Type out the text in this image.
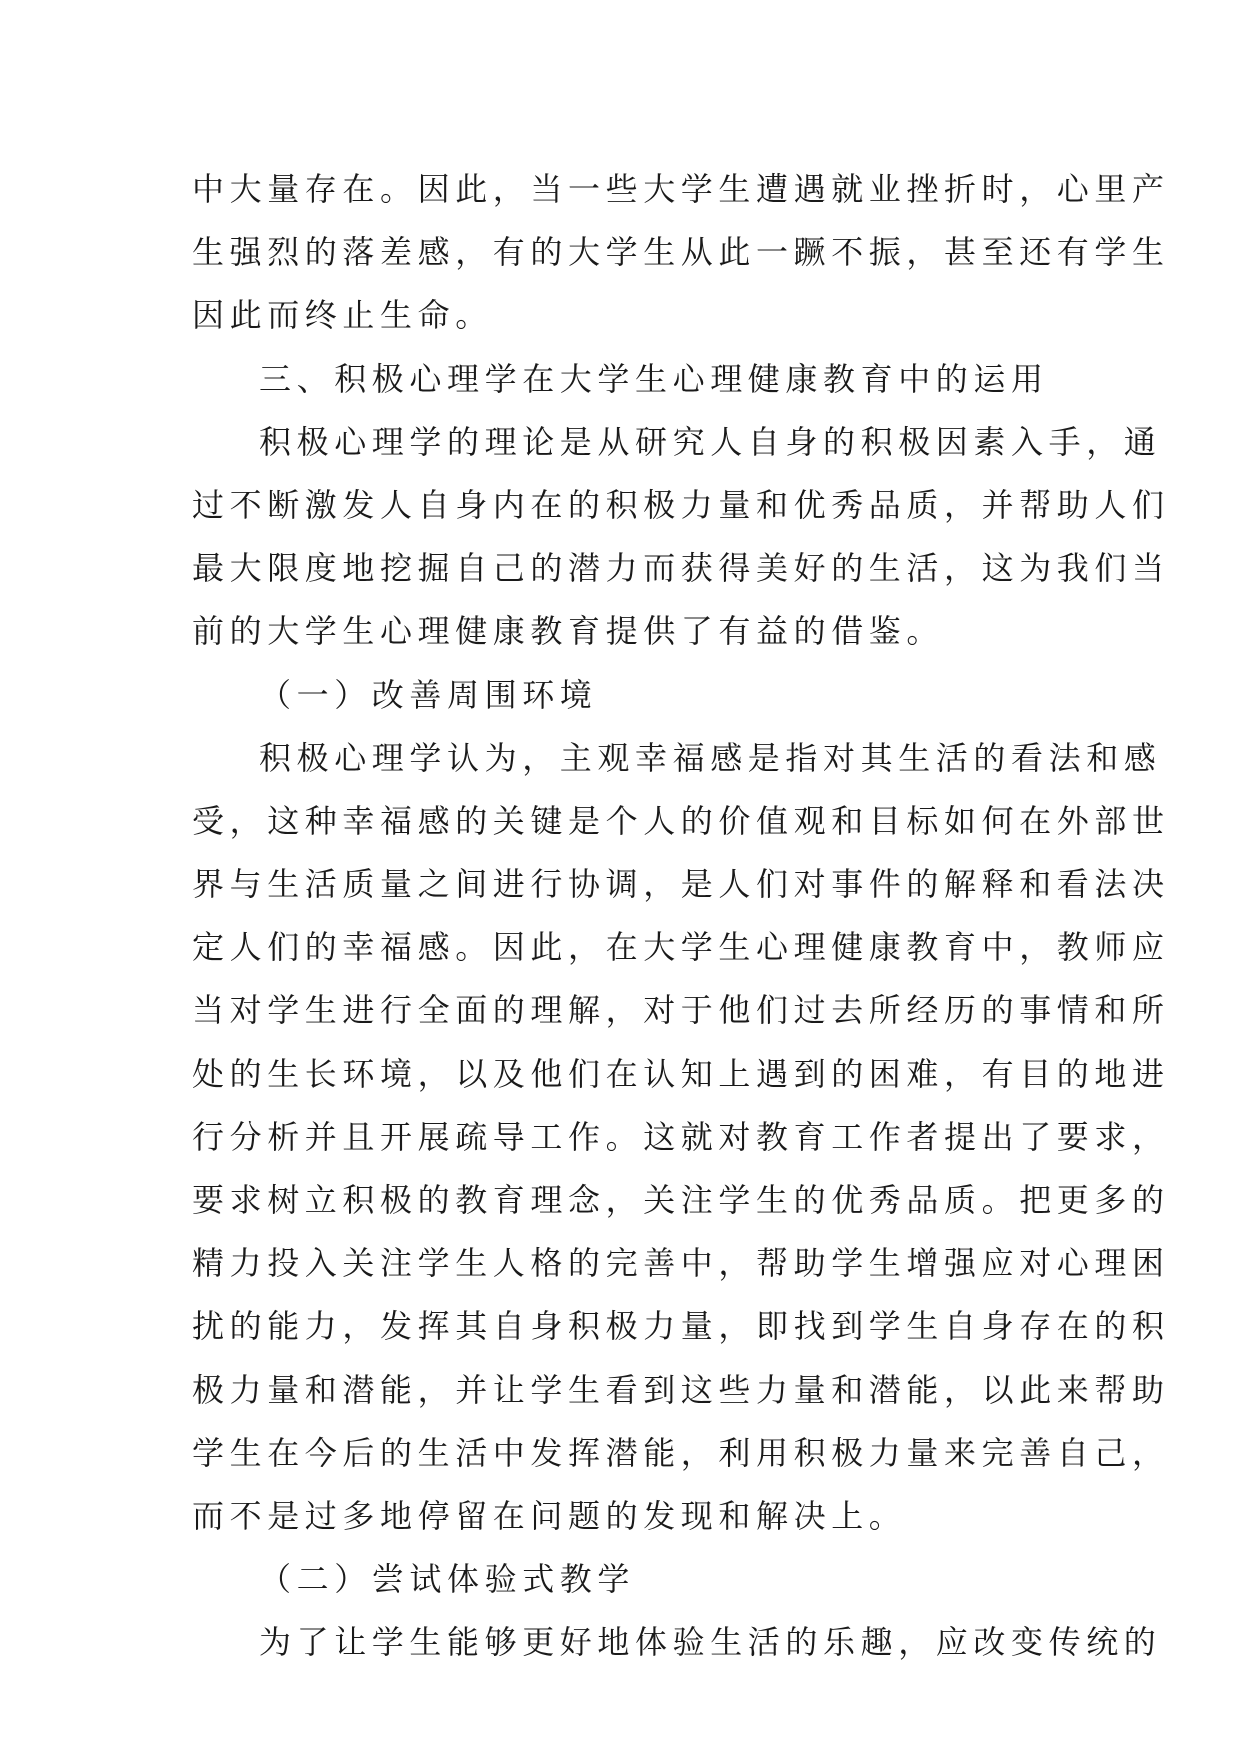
中大量存在。因此，当一些大学生遭遇就业挫折时，心里产
生强烈的落差感，有的大学生从此一蹶不振，甚至还有学生
因此而终止生命。
三、积极心理学在大学生心理健康教育中的运用
积极心理学的理论是从研究人自身的积极因素入手，通
过不断激发人自身内在的积极力量和优秀品质，并帮助人们
最大限度地挖掘自己的潜力而获得美好的生活，这为我们当
前的大学生心理健康教育提供了有益的借鉴。
（一）改善周围环境
积极心理学认为，主观幸福感是指对其生活的看法和感
受，这种幸福感的关键是个人的价值观和目标如何在外部世
界与生活质量之间进行协调，是人们对事件的解释和看法决
定人们的幸福感。因此，在大学生心理健康教育中，教师应
当对学生进行全面的理解，对于他们过去所经历的事情和所
处的生长环境，以及他们在认知上遇到的困难，有目的地进
行分析并且开展疏导工作。这就对教育工作者提出了要求，
要求树立积极的教育理念，关注学生的优秀品质。把更多的
精力投入关注学生人格的完善中，帮助学生增强应对心理困
扰的能力，发挥其自身积极力量，即找到学生自身存在的积
极力量和潜能，并让学生看到这些力量和潜能，以此来帮助
学生在今后的生活中发挥潜能，利用积极力量来完善自己，
而不是过多地停留在问题的发现和解决上。
（二）尝试体验式教学
为了让学生能够更好地体验生活的乐趣，应改变传统的
